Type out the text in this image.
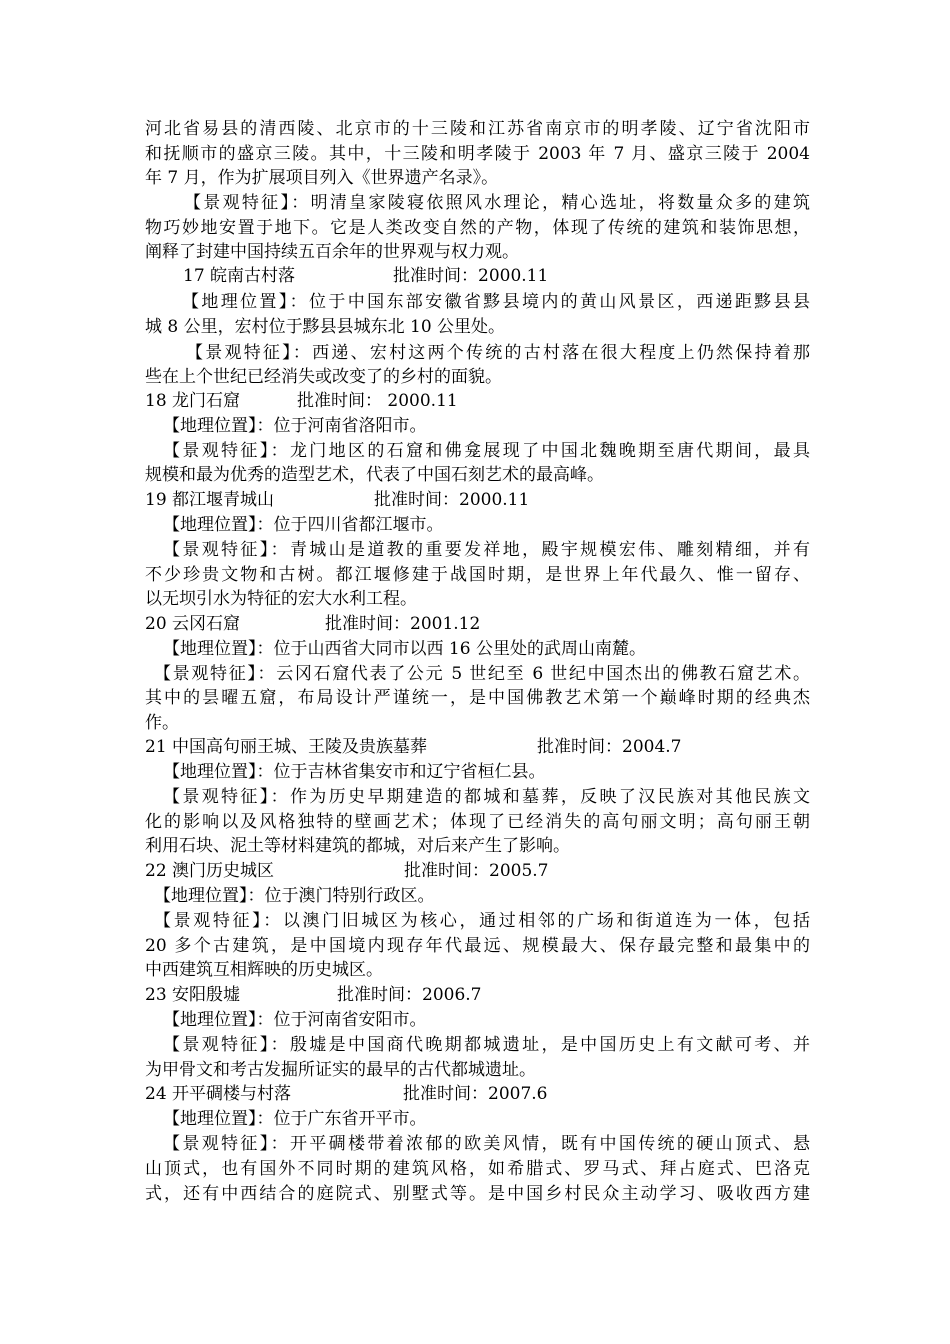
河北省易县的清西陵、北京市的十三陵和江苏省南京市的明孝陵、辽宁省沈阳市
和抚顺市的盛京三陵。其中，十三陵和明孝陵于 2003 年 7 月、盛京三陵于 2004
年 7 月，作为扩展项目列入《世界遗产名录》。
【景观特征】：明清皇家陵寝依照风水理论，精心选址，将数量众多的建筑
物巧妙地安置于地下。它是人类改变自然的产物，体现了传统的建筑和装饰思想，
阐释了封建中国持续五百余年的世界观与权力观。
17 皖南古村落	批准时间：2000.11
【地理位置】：位于中国东部安徽省黟县境内的黄山风景区，西递距黟县县
城 8 公里，宏村位于黟县县城东北 10 公里处。
【景观特征】：西递、宏村这两个传统的古村落在很大程度上仍然保持着那
些在上个世纪已经消失或改变了的乡村的面貌。
18 龙门石窟	批准时间： 2000.11
【地理位置】：位于河南省洛阳市。
【景观特征】：龙门地区的石窟和佛龛展现了中国北魏晚期至唐代期间，最具
规模和最为优秀的造型艺术，代表了中国石刻艺术的最高峰。
19 都江堰青城山	批准时间：2000.11
【地理位置】：位于四川省都江堰市。
【景观特征】：青城山是道教的重要发祥地，殿宇规模宏伟、雕刻精细，并有
不少珍贵文物和古树。都江堰修建于战国时期，是世界上年代最久、惟一留存、
以无坝引水为特征的宏大水利工程。
20 云冈石窟	批准时间：2001.12
【地理位置】：位于山西省大同市以西 16 公里处的武周山南麓。
【景观特征】：云冈石窟代表了公元 5 世纪至 6 世纪中国杰出的佛教石窟艺术。
其中的昙曜五窟，布局设计严谨统一，是中国佛教艺术第一个巅峰时期的经典杰
作。
21 中国高句丽王城、王陵及贵族墓葬	批准时间：2004.7
【地理位置】：位于吉林省集安市和辽宁省桓仁县。
【景观特征】：作为历史早期建造的都城和墓葬，反映了汉民族对其他民族文
化的影响以及风格独特的壁画艺术；体现了已经消失的高句丽文明；高句丽王朝
利用石块、泥土等材料建筑的都城，对后来产生了影响。
22 澳门历史城区	批准时间：2005.7
【地理位置】：位于澳门特别行政区。
【景观特征】：以澳门旧城区为核心，通过相邻的广场和街道连为一体，包括
20 多个古建筑，是中国境内现存年代最远、规模最大、保存最完整和最集中的
中西建筑互相辉映的历史城区。
23 安阳殷墟	批准时间：2006.7
【地理位置】：位于河南省安阳市。
【景观特征】：殷墟是中国商代晚期都城遗址，是中国历史上有文献可考、并
为甲骨文和考古发掘所证实的最早的古代都城遗址。
24 开平碉楼与村落	批准时间：2007.6
【地理位置】：位于广东省开平市。
【景观特征】：开平碉楼带着浓郁的欧美风情，既有中国传统的硬山顶式、悬
山顶式，也有国外不同时期的建筑风格，如希腊式、罗马式、拜占庭式、巴洛克
式，还有中西结合的庭院式、别墅式等。是中国乡村民众主动学习、吸收西方建
